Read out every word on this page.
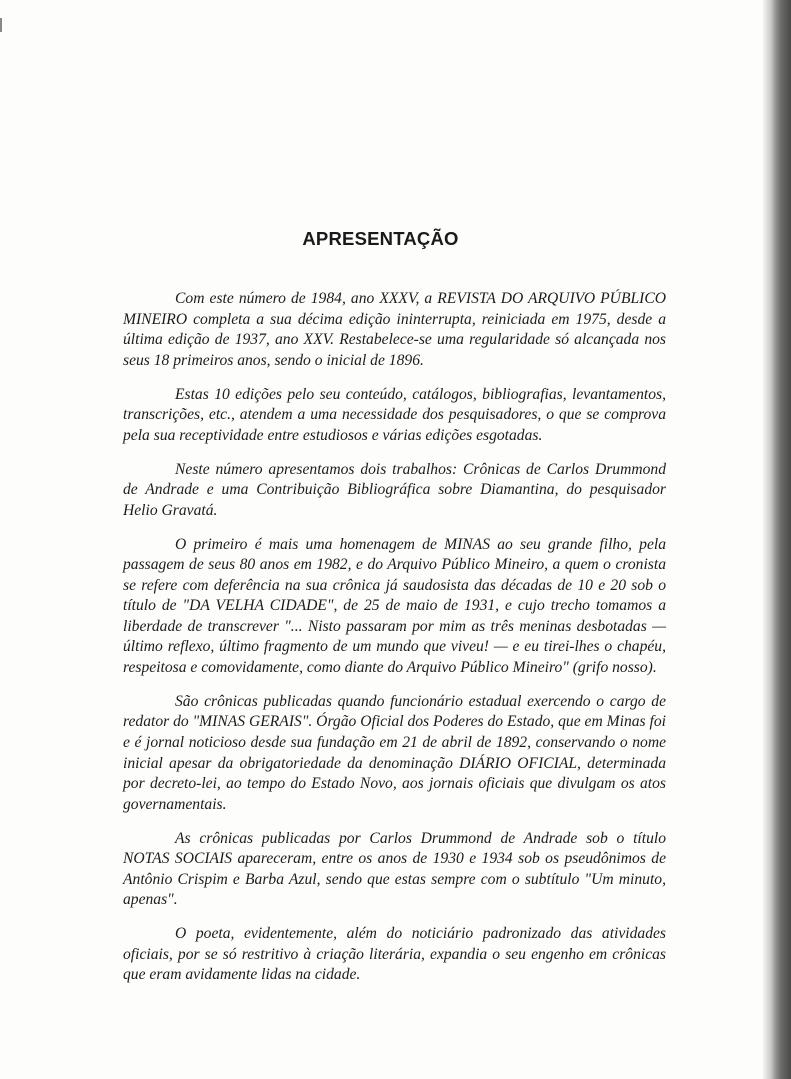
APRESENTAÇÃO

Com este número de 1984, ano XXXV, a REVISTA DO ARQUIVO PÚBLICO MINEIRO completa a sua décima edição ininterrupta, reiniciada em 1975, desde a última edição de 1937, ano XXV. Restabelece-se uma regularidade só alcançada nos seus 18 primeiros anos, sendo o inicial de 1896.

Estas 10 edições pelo seu conteúdo, catálogos, bibliografias, levantamentos, transcrições, etc., atendem a uma necessidade dos pesquisadores, o que se comprova pela sua receptividade entre estudiosos e várias edições esgotadas.

Neste número apresentamos dois trabalhos: Crônicas de Carlos Drummond de Andrade e uma Contribuição Bibliográfica sobre Diamantina, do pesquisador Helio Gravatá.

O primeiro é mais uma homenagem de MINAS ao seu grande filho, pela passagem de seus 80 anos em 1982, e do Arquivo Público Mineiro, a quem o cronista se refere com deferência na sua crônica já saudosista das décadas de 10 e 20 sob o título de "DA VELHA CIDADE", de 25 de maio de 1931, e cujo trecho tomamos a liberdade de transcrever "... Nisto passaram por mim as três meninas desbotadas — último reflexo, último fragmento de um mundo que viveu! — e eu tirei-lhes o chapéu, respeitosa e comovidamente, como diante do Arquivo Público Mineiro" (grifo nosso).

São crônicas publicadas quando funcionário estadual exercendo o cargo de redator do "MINAS GERAIS". Órgão Oficial dos Poderes do Estado, que em Minas foi e é jornal noticioso desde sua fundação em 21 de abril de 1892, conservando o nome inicial apesar da obrigatoriedade da denominação DIÁRIO OFICIAL, determinada por decreto-lei, ao tempo do Estado Novo, aos jornais oficiais que divulgam os atos governamentais.

As crônicas publicadas por Carlos Drummond de Andrade sob o título NOTAS SOCIAIS apareceram, entre os anos de 1930 e 1934 sob os pseudônimos de Antônio Crispim e Barba Azul, sendo que estas sempre com o subtítulo "Um minuto, apenas".

O poeta, evidentemente, além do noticiário padronizado das atividades oficiais, por se só restritivo à criação literária, expandia o seu engenho em crônicas que eram avidamente lidas na cidade.
